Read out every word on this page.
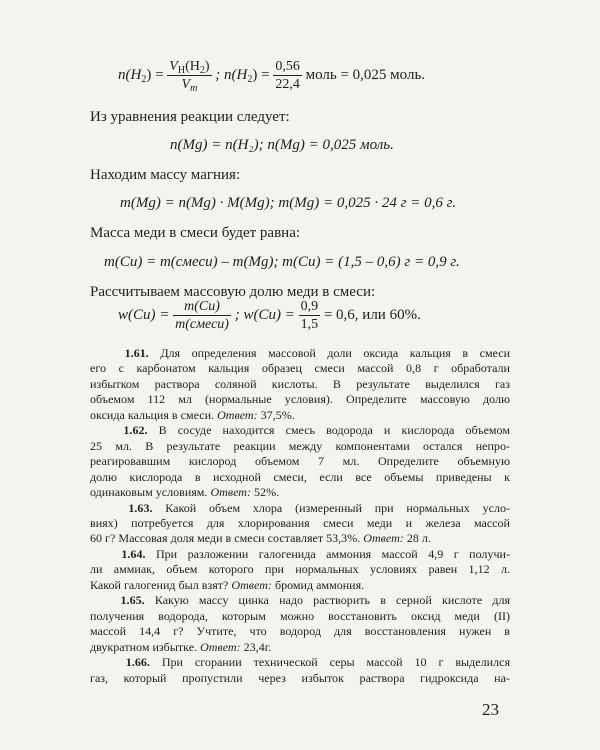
$n(H_2) = \frac{V_H(H_2)}{V_m}$ ; $n(H_2) = \frac{0,56}{22,4}$ моль = 0,025 моль.
Из уравнения реакции следует:
n(Mg) = n(H₂); n(Mg) = 0,025 моль.
Находим массу магния:
m(Mg) = n(Mg) · M(Mg); m(Mg) = 0,025 · 24 г = 0,6 г.
Масса меди в смеси будет равна:
m(Cu) = m(смеси) – m(Mg); m(Cu) = (1,5 – 0,6) г = 0,9 г.
Рассчитываем массовую долю меди в смеси:
$w(Cu) = \frac{m(Cu)}{\text{m(смеси)}}$ ; $w(Cu) = \frac{0,9}{1,5} = 0,6$, или 60%.
1.61. Для определения массовой доли оксида кальция в смеси
его с карбонатом кальция образец смеси массой 0,8 г обработали
избытком раствора соляной кислоты. В результате выделился газ
объемом 112 мл (нормальные условия). Определите массовую долю
оксида кальция в смеси. Ответ: 37,5%.
1.62. В сосуде находится смесь водорода и кислорода объемом
25 мл. В результате реакции между компонентами остался непро-
реагировавшим кислород объемом 7 мл. Определите объемную
долю кислорода в исходной смеси, если все объемы приведены к
одинаковым условиям. Ответ: 52%.
1.63. Какой объем хлора (измеренный при нормальных усло-
виях) потребуется для хлорирования смеси меди и железа массой
60 г? Массовая доля меди в смеси составляет 53,3%. Ответ: 28 л.
1.64. При разложении галогенида аммония массой 4,9 г получи-
ли аммиак, объем которого при нормальных условиях равен 1,12 л.
Какой галогенид был взят? Ответ: бромид аммония.
1.65. Какую массу цинка надо растворить в серной кислоте для
получения водорода, которым можно восстановить оксид меди (II)
массой 14,4 г? Учтите, что водород для восстановления нужен в
двукратном избытке. Ответ: 23,4г.
1.66. При сгорании технической серы массой 10 г выделился
газ, который пропустили через избыток раствора гидроксида на-
23
